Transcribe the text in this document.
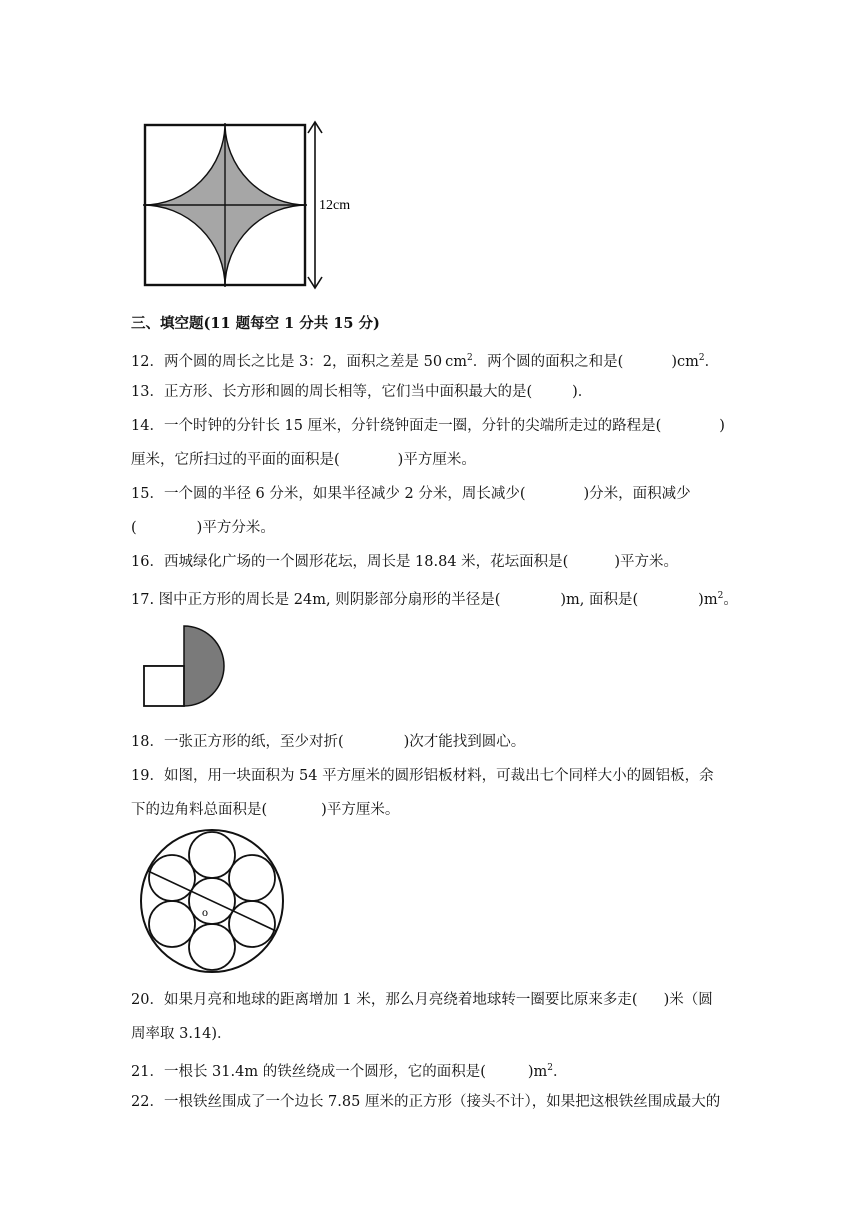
12cm
三、填空题(11 题每空 1 分共 15 分)
12．两个圆的周长之比是 3：2，面积之差是 50 $cm^2$．两个圆的面积之和是(	)$cm^2$．
13．正方形、长方形和圆的周长相等，它们当中面积最大的是(	)．
14．一个时钟的分针长 15 厘米，分针绕钟面走一圈，分针的尖端所走过的路程是(	)
厘米，它所扫过的平面的面积是(	)平方厘米。
15．一个圆的半径 6 分米，如果半径减少 2 分米，周长减少(	)分米，面积减少
(	)平方分米。
16．西城绿化广场的一个圆形花坛，周长是 18.84 米，花坛面积是(	)平方米。
17. 图中正方形的周长是 24m, 则阴影部分扇形的半径是(	)m, 面积是(	)$m^2$。
18．一张正方形的纸，至少对折(	)次才能找到圆心。
19．如图，用一块面积为 54 平方厘米的圆形铝板材料，可裁出七个同样大小的圆铝板，余
下的边角料总面积是(	)平方厘米。
o
20．如果月亮和地球的距离增加 1 米，那么月亮绕着地球转一圈要比原来多走( )米（圆
周率取 3.14)．
21．一根长 31.4m 的铁丝绕成一个圆形，它的面积是(	)$m^2$．
22．一根铁丝围成了一个边长 7.85 厘米的正方形（接头不计），如果把这根铁丝围成最大的
